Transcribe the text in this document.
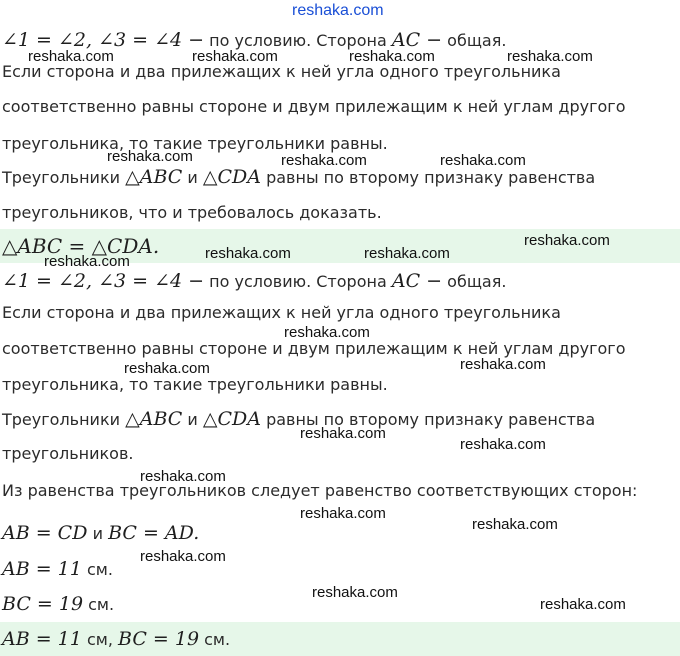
reshaka.com
∠1 = ∠2, ∠3 = ∠4 − по условию. Сторона AC − общая.
Если сторона и два прилежащих к ней угла одного треугольника
соответственно равны стороне и двум прилежащим к ней углам другого
треугольника, то такие треугольники равны.
Треугольники △ABC и △CDA равны по второму признаку равенства
треугольников, что и требовалось доказать.
△ABC = △CDA.
∠1 = ∠2, ∠3 = ∠4 − по условию. Сторона AC − общая.
Если сторона и два прилежащих к ней угла одного треугольника
соответственно равны стороне и двум прилежащим к ней углам другого
треугольника, то такие треугольники равны.
Треугольники △ABC и △CDA равны по второму признаку равенства
треугольников.
Из равенства треугольников следует равенство соответствующих сторон:
AB = CD и BC = AD.
AB = 11 см.
BC = 19 см.
AB = 11 см, BC = 19 см.
reshaka.com	reshaka.com	reshaka.com	reshaka.com
reshaka.com	reshaka.com	reshaka.com
reshaka.com
reshaka.com	reshaka.com
reshaka.com
reshaka.com
reshaka.com
reshaka.com
reshaka.com
reshaka.com
reshaka.com
reshaka.com
reshaka.com
reshaka.com
reshaka.com
reshaka.com
